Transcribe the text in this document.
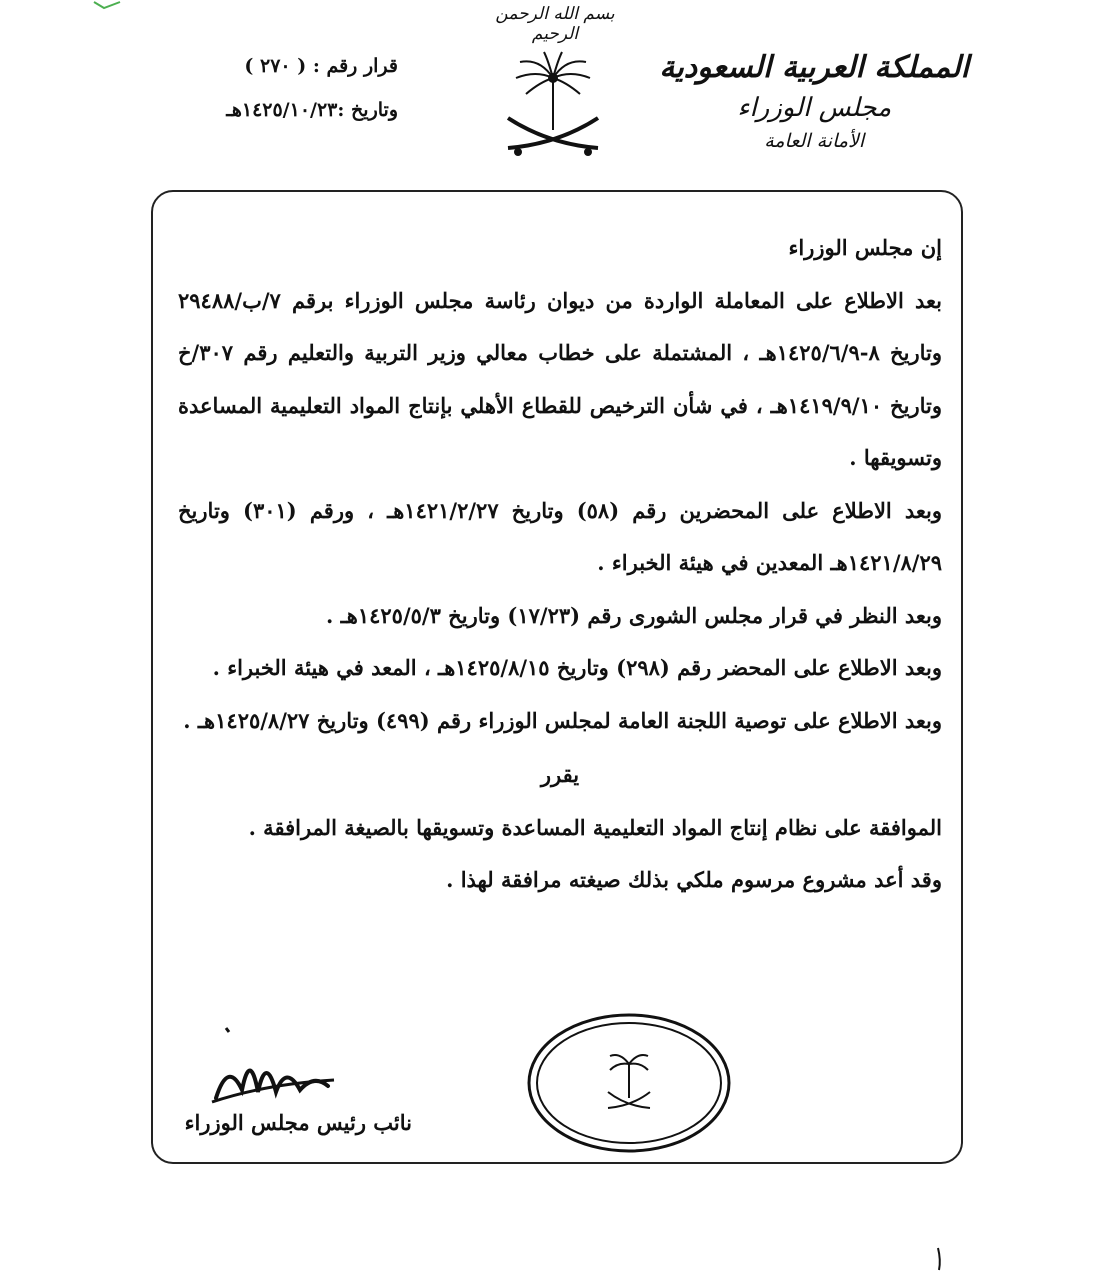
بسم الله الرحمن الرحيم
المملكة العربية السعودية
مجلس الوزراء
الأمانة العامة
قرار رقم : ( ٢٧٠ )
وتاريخ :١٤٢٥/١٠/٢٣هـ

إن مجلس الوزراء

بعد الاطلاع على المعاملة الواردة من ديوان رئاسة مجلس الوزراء برقم ٧/ب/٢٩٤٨٨ وتاريخ ٨-١٤٢٥/٦/٩هـ ، المشتملة على خطاب معالي وزير التربية والتعليم رقم ٣٠٧/خ وتاريخ ١٤١٩/٩/١٠هـ ، في شأن الترخيص للقطاع الأهلي بإنتاج المواد التعليمية المساعدة وتسويقها .

وبعد الاطلاع على المحضرين رقم (٥٨) وتاريخ ١٤٢١/٢/٢٧هـ ، ورقم (٣٠١) وتاريخ ١٤٢١/٨/٢٩هـ المعدين في هيئة الخبراء .

وبعد النظر في قرار مجلس الشورى رقم (١٧/٢٣) وتاريخ ١٤٢٥/٥/٣هـ .

وبعد الاطلاع على المحضر رقم (٢٩٨) وتاريخ ١٤٢٥/٨/١٥هـ ، المعد في هيئة الخبراء .

وبعد الاطلاع على توصية اللجنة العامة لمجلس الوزراء رقم (٤٩٩) وتاريخ ١٤٢٥/٨/٢٧هـ .

يقرر

الموافقة على نظام إنتاج المواد التعليمية المساعدة وتسويقها بالصيغة المرافقة .

وقد أعد مشروع مرسوم ملكي بذلك صيغته مرافقة لهذا .

نائب رئيس مجلس الوزراء
